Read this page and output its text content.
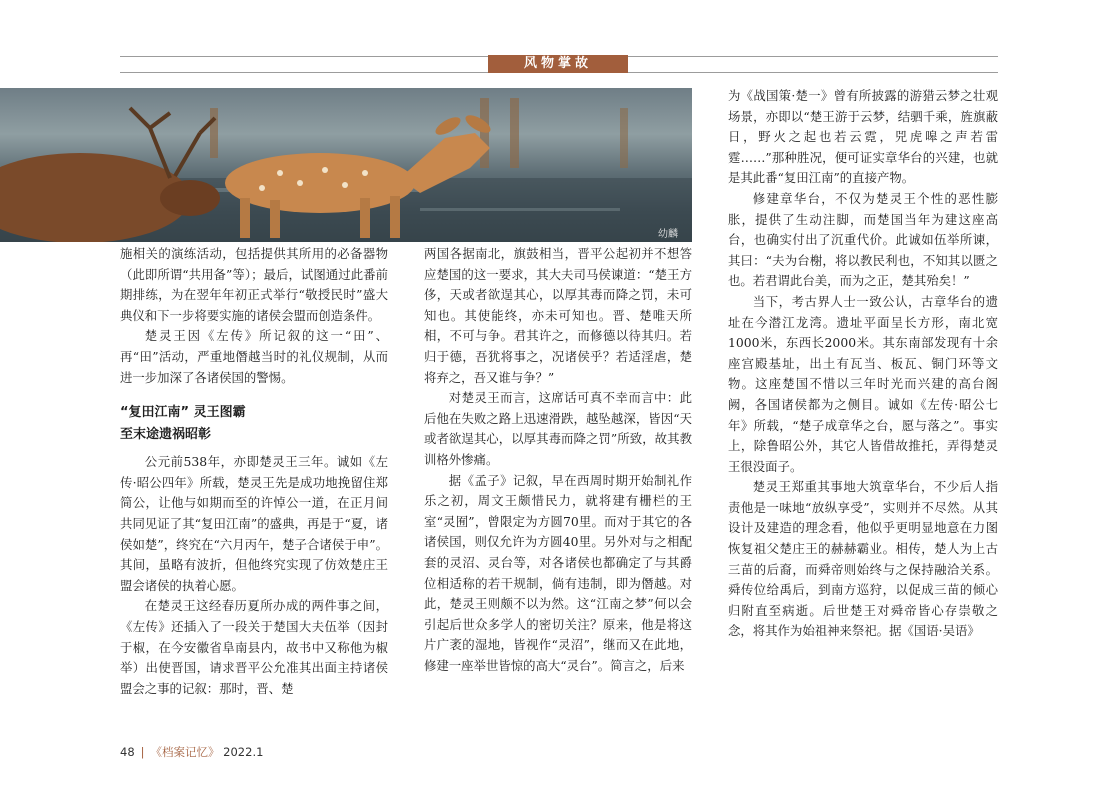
风物掌故
幼麟

施相关的演练活动，包括提供其所用的必备器物（此即所谓“共用备”等）；最后，试图通过此番前期排练，为在翌年年初正式举行“敬授民时”盛大典仪和下一步将要实施的诸侯会盟而创造条件。

楚灵王因《左传》所记叙的这一“田”、再“田”活动，严重地僭越当时的礼仪规制，从而进一步加深了各诸侯国的警惕。

“复田江南” 灵王图霸
至末途遗祸昭彰

公元前538年，亦即楚灵王三年。诚如《左传·昭公四年》所载，楚灵王先是成功地挽留住郑简公，让他与如期而至的许悼公一道，在正月间共同见证了其“复田江南”的盛典，再是于“夏，诸侯如楚”，终究在“六月丙午，楚子合诸侯于申”。其间，虽略有波折，但他终究实现了仿效楚庄王盟会诸侯的执着心愿。

在楚灵王这经春历夏所办成的两件事之间，《左传》还插入了一段关于楚国大夫伍举（因封于椒，在今安徽省阜南县内，故书中又称他为椒举）出使晋国，请求晋平公允准其出面主持诸侯盟会之事的记叙：那时，晋、楚

两国各据南北，旗鼓相当，晋平公起初并不想答应楚国的这一要求，其大夫司马侯谏道：“楚王方侈，天或者欲逞其心，以厚其毒而降之罚，未可知也。其使能终，亦未可知也。晋、楚唯天所相，不可与争。君其许之，而修德以待其归。若归于德，吾犹将事之，况诸侯乎？若适淫虐，楚将弃之，吾又谁与争？”

对楚灵王而言，这席话可真不幸而言中：此后他在失败之路上迅速滑跌，越坠越深，皆因“天或者欲逞其心，以厚其毒而降之罚”所致，故其教训格外惨痛。

据《孟子》记叙，早在西周时期开始制礼作乐之初，周文王颇惜民力，就将建有栅栏的王室“灵囿”，曾限定为方圆70里。而对于其它的各诸侯国，则仅允许为方圆40里。另外对与之相配套的灵沼、灵台等，对各诸侯也都确定了与其爵位相适称的若干规制，倘有违制，即为僭越。对此，楚灵王则颇不以为然。这“江南之梦”何以会引起后世众多学人的密切关注？原来，他是将这片广袤的湿地，皆视作“灵沼”，继而又在此地，修建一座举世皆惊的高大“灵台”。简言之，后来

为《战国策·楚一》曾有所披露的游猎云梦之壮观场景，亦即以“楚王游于云梦，结驷千乘，旌旗蔽日，野火之起也若云霓，兕虎嗥之声若雷霆……”那种胜况，便可证实章华台的兴建，也就是其此番“复田江南”的直接产物。

修建章华台，不仅为楚灵王个性的恶性膨胀，提供了生动注脚，而楚国当年为建这座高台，也确实付出了沉重代价。此诚如伍举所谏，其曰：“夫为台榭，将以教民利也，不知其以匮之也。若君谓此台美，而为之正，楚其殆矣！”

当下，考古界人士一致公认，古章华台的遗址在今潜江龙湾。遗址平面呈长方形，南北宽1000米，东西长2000米。其东南部发现有十余座宫殿基址，出土有瓦当、板瓦、铜门环等文物。这座楚国不惜以三年时光而兴建的高台阁阙，各国诸侯都为之侧目。诚如《左传·昭公七年》所载，“楚子成章华之台，愿与落之”。事实上，除鲁昭公外，其它人皆借故推托，弄得楚灵王很没面子。

楚灵王郑重其事地大筑章华台，不少后人指责他是一味地“放纵享受”，实则并不尽然。从其设计及建造的理念看，他似乎更明显地意在力图恢复祖父楚庄王的赫赫霸业。相传，楚人为上古三苗的后裔，而舜帝则始终与之保持融洽关系。舜传位给禹后，到南方巡狩，以促成三苗的倾心归附直至病逝。后世楚王对舜帝皆心存崇敬之念，将其作为始祖神来祭祀。据《国语·吴语》

48 | 《档案记忆》 2022.1
